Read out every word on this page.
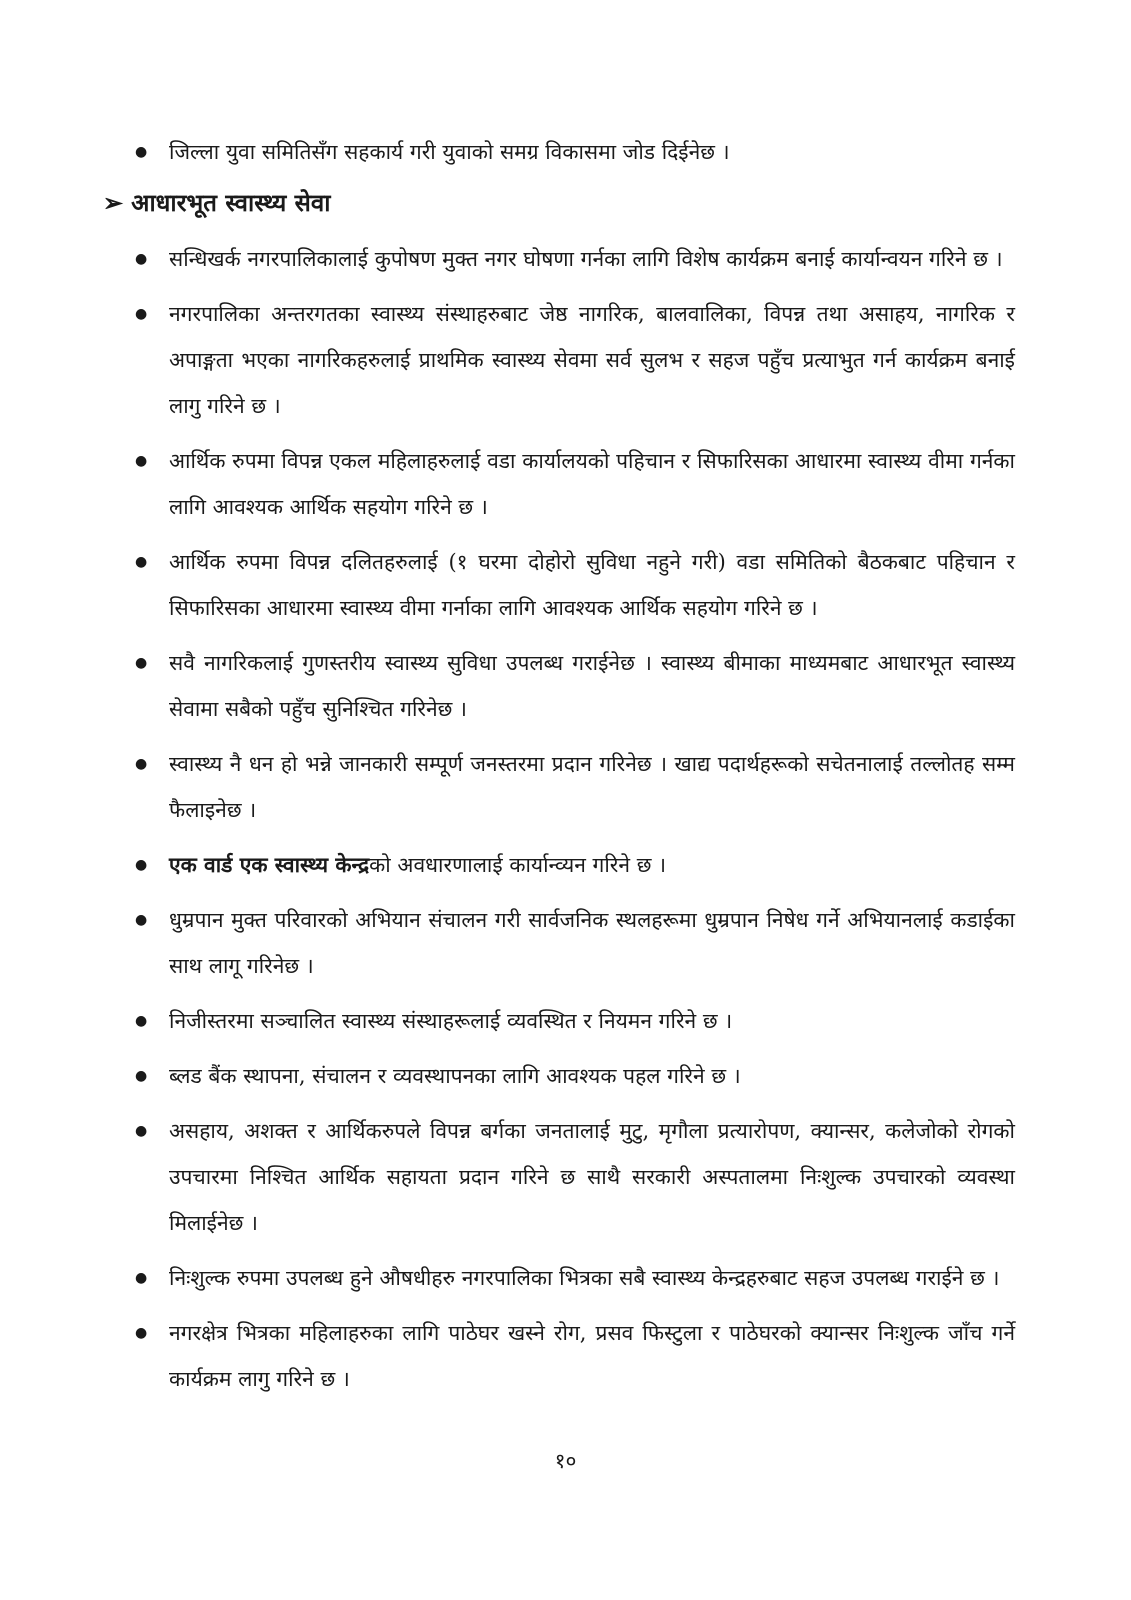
●	जिल्ला युवा समितिसँग सहकार्य गरी युवाको समग्र विकासमा जोड दिईनेछ ।
➢ आधारभूत स्वास्थ्य सेवा
●	सन्धिखर्क नगरपालिकालाई कुपोषण मुक्त नगर घोषणा गर्नका लागि विशेष कार्यक्रम बनाई कार्यान्वयन गरिने छ ।
●	नगरपालिका अन्तरगतका स्वास्थ्य संस्थाहरुबाट जेष्ठ नागरिक, बालवालिका, विपन्न तथा असाहय, नागरिक र अपाङ्गता भएका नागरिकहरुलाई प्राथमिक स्वास्थ्य सेवमा सर्व सुलभ र सहज पहुँच प्रत्याभुत गर्न कार्यक्रम बनाई लागु गरिने छ ।
●	आर्थिक रुपमा विपन्न एकल महिलाहरुलाई वडा कार्यालयको पहिचान र सिफारिसका आधारमा स्वास्थ्य वीमा गर्नका लागि आवश्यक आर्थिक सहयोग गरिने छ ।
●	आर्थिक रुपमा विपन्न दलितहरुलाई (१ घरमा दोहोरो सुविधा नहुने गरी) वडा समितिको बैठकबाट पहिचान र सिफारिसका आधारमा स्वास्थ्य वीमा गर्नाका लागि आवश्यक आर्थिक सहयोग गरिने छ ।
●	सवै नागरिकलाई गुणस्तरीय स्वास्थ्य सुविधा उपलब्ध गराईनेछ । स्वास्थ्य बीमाका माध्यमबाट आधारभूत स्वास्थ्य सेवामा सबैको पहुँच सुनिश्चित गरिनेछ ।
●	स्वास्थ्य नै धन हो भन्ने जानकारी सम्पूर्ण जनस्तरमा प्रदान गरिनेछ । खाद्य पदार्थहरूको सचेतनालाई तल्लोतह सम्म फैलाइनेछ ।
●	एक वार्ड एक स्वास्थ्य केन्द्रको अवधारणालाई कार्यान्व्यन गरिने छ ।
●	धुम्रपान मुक्त परिवारको अभियान संचालन गरी सार्वजनिक स्थलहरूमा धुम्रपान निषेध गर्ने अभियानलाई कडाईका साथ लागू गरिनेछ ।
●	निजीस्तरमा सञ्चालित स्वास्थ्य संस्थाहरूलाई व्यवस्थित र नियमन गरिने छ ।
●	ब्लड बैंक स्थापना, संचालन र व्यवस्थापनका लागि आवश्यक पहल गरिने छ ।
●	असहाय, अशक्त र आर्थिकरुपले विपन्न बर्गका जनतालाई मुटु, मृगौला प्रत्यारोपण, क्यान्सर, कलेजोको रोगको उपचारमा निश्चित आर्थिक सहायता प्रदान गरिने छ साथै सरकारी अस्पतालमा निःशुल्क उपचारको व्यवस्था मिलाईनेछ ।
●	निःशुल्क रुपमा उपलब्ध हुने औषधीहरु नगरपालिका भित्रका सबै स्वास्थ्य केन्द्रहरुबाट सहज उपलब्ध गराईने छ ।
●	नगरक्षेत्र भित्रका महिलाहरुका लागि पाठेघर खस्ने रोग, प्रसव फिस्टुला र पाठेघरको क्यान्सर निःशुल्क जाँच गर्ने कार्यक्रम लागु गरिने छ ।
१०
